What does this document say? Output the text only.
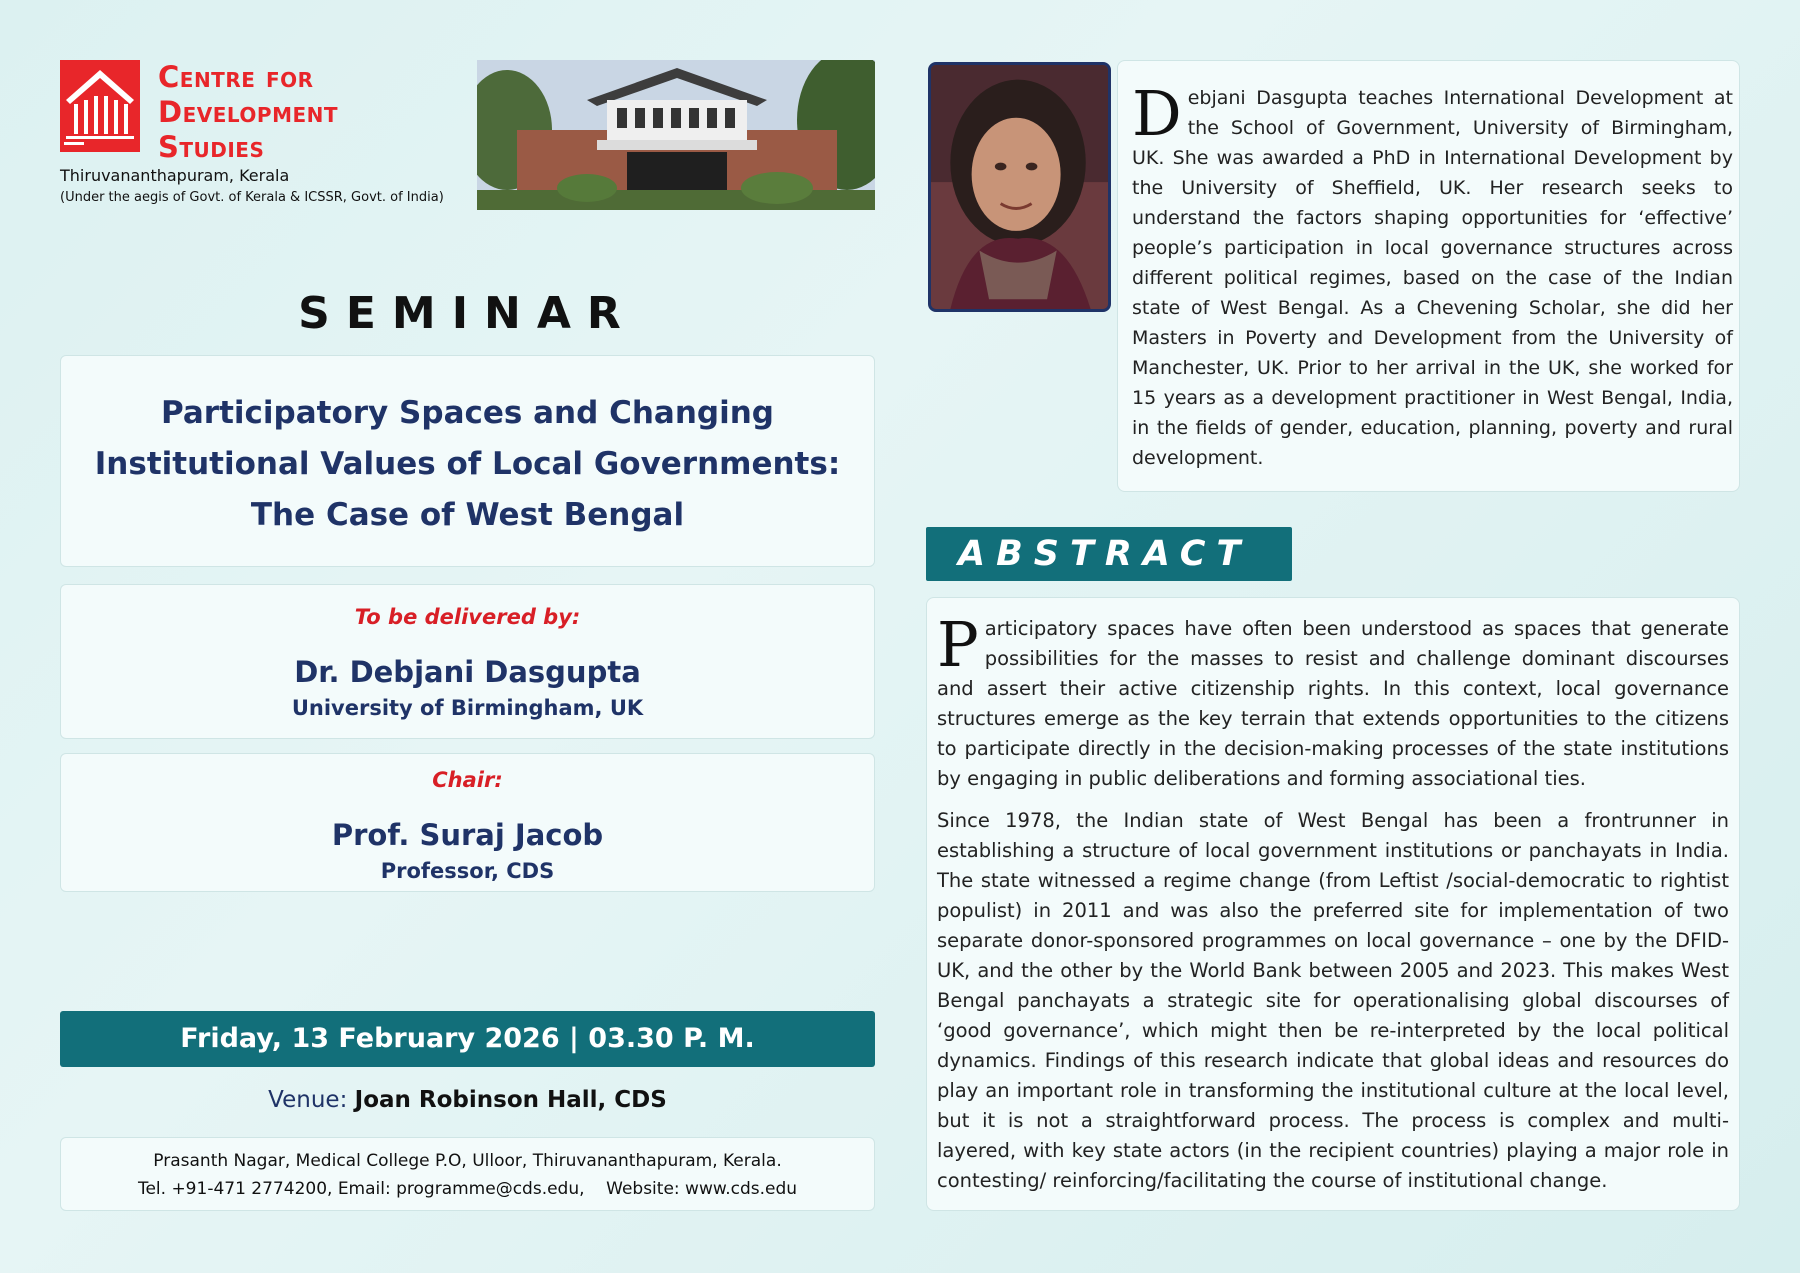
Centre for
Development
Studies
Thiruvananthapuram, Kerala
(Under the aegis of Govt. of Kerala & ICSSR, Govt. of India)
SEMINAR
Participatory Spaces and Changing
Institutional Values of Local Governments:
The Case of West Bengal
To be delivered by:
Dr. Debjani Dasgupta
University of Birmingham, UK
Chair:
Prof. Suraj Jacob
Professor, CDS
Friday, 13 February 2026 | 03.30 P. M.
Venue: Joan Robinson Hall, CDS
Prasanth Nagar, Medical College P.O, Ulloor, Thiruvananthapuram, Kerala.
Tel. +91-471 2774200, Email: programme@cds.edu,    Website: www.cds.edu
Debjani Dasgupta teaches International Development at the School of Government, University of Birmingham, UK. She was awarded a PhD in International Development by the University of Sheffield, UK. Her research seeks to understand the factors shaping opportunities for ‘effective’ people’s participation in local governance structures across different political regimes, based on the case of the Indian state of West Bengal. As a Chevening Scholar, she did her Masters in Poverty and Development from the University of Manchester, UK. Prior to her arrival in the UK, she worked for 15 years as a development practitioner in West Bengal, India, in the fields of gender, education, planning, poverty and rural development.
ABSTRACT

Participatory spaces have often been understood as spaces that generate possibilities for the masses to resist and challenge dominant discourses and assert their active citizenship rights. In this context, local governance structures emerge as the key terrain that extends opportunities to the citizens to participate directly in the decision-making processes of the state institutions by engaging in public deliberations and forming associational ties.

Since 1978, the Indian state of West Bengal has been a frontrunner in establishing a structure of local government institutions or panchayats in India. The state witnessed a regime change (from Leftist /social-democratic to rightist populist) in 2011 and was also the preferred site for implementation of two separate donor-sponsored programmes on local governance – one by the DFID-UK, and the other by the World Bank between 2005 and 2023. This makes West Bengal panchayats a strategic site for operationalising global discourses of ‘good governance’, which might then be re-interpreted by the local political dynamics. Findings of this research indicate that global ideas and resources do play an important role in transforming the institutional culture at the local level, but it is not a straightforward process. The process is complex and multi-layered, with key state actors (in the recipient countries) playing a major role in contesting/ reinforcing/facilitating the course of institutional change.
